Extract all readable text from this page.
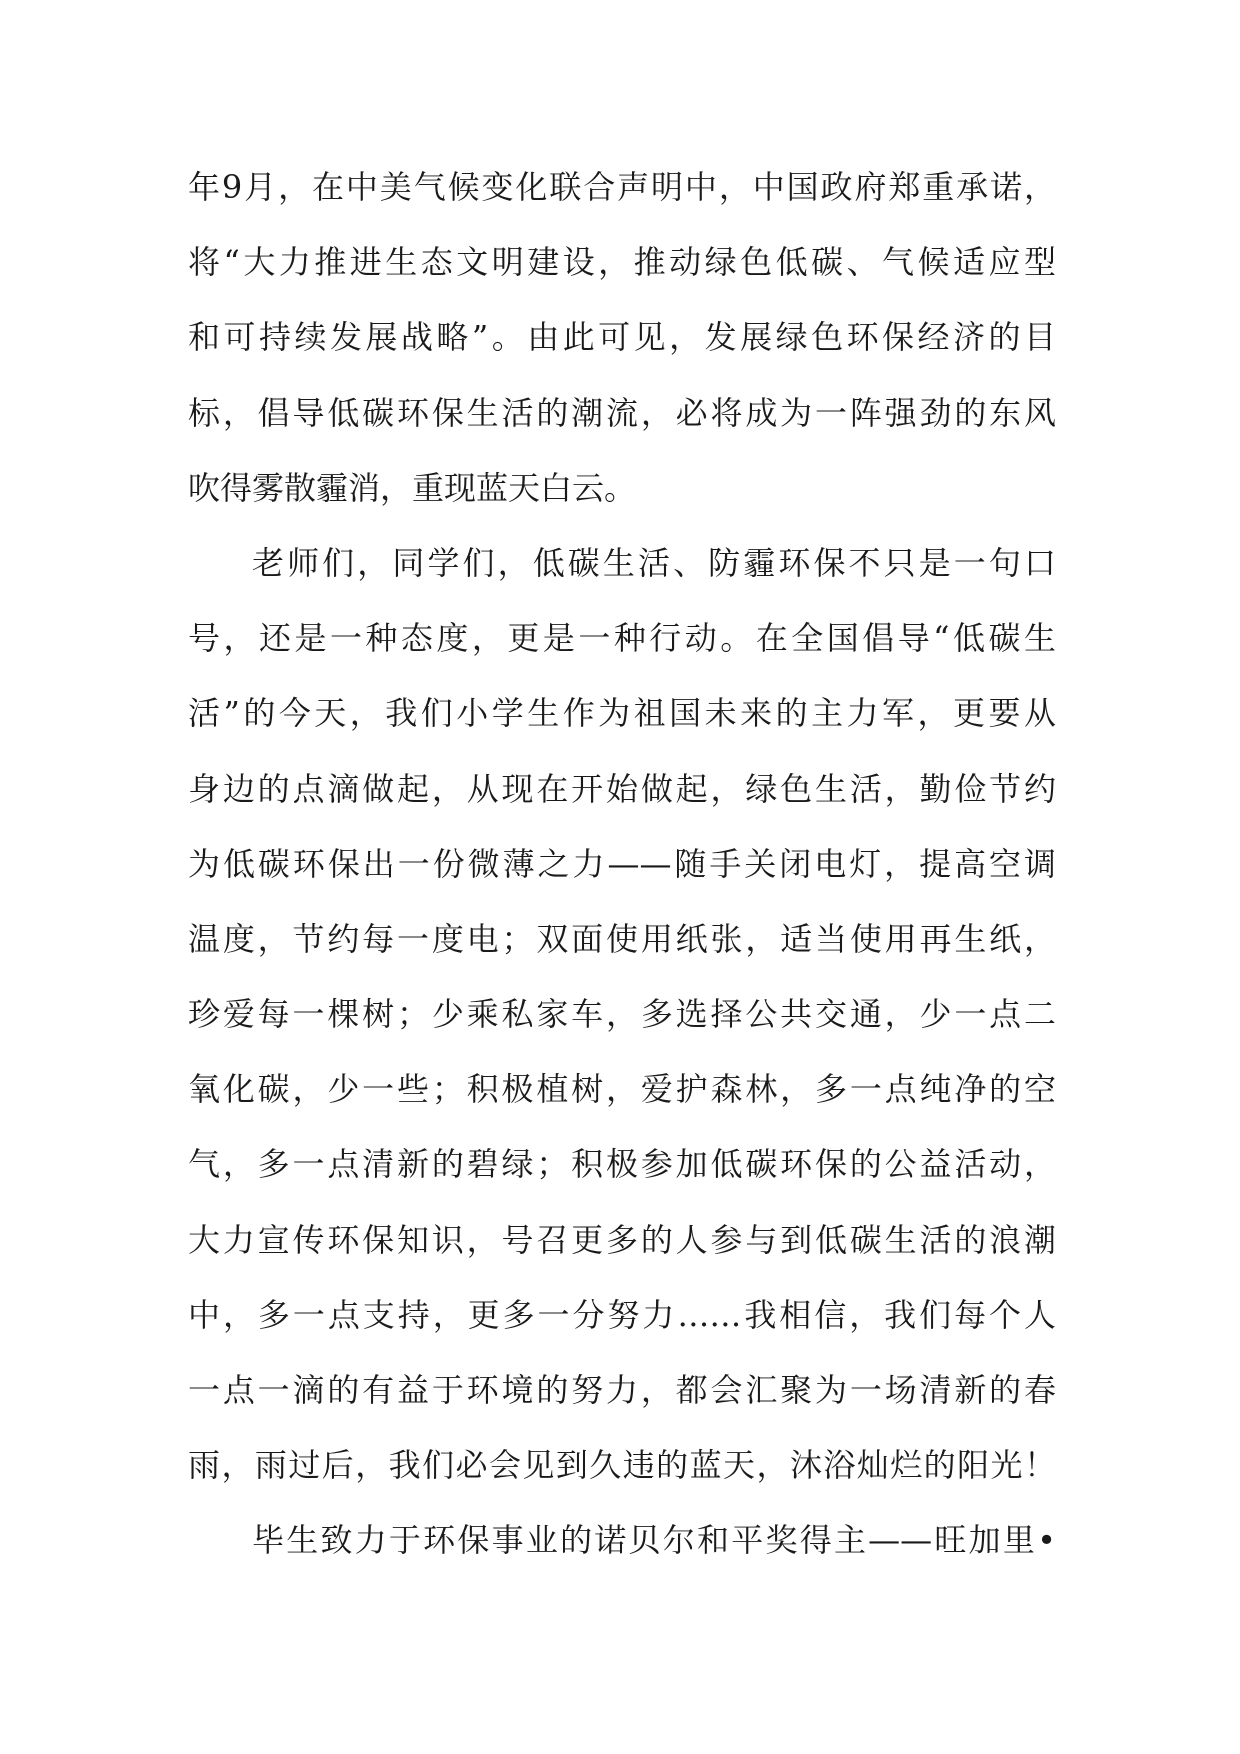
年9月，在中美气候变化联合声明中，中国政府郑重承诺，
将“大力推进生态文明建设，推动绿色低碳、气候适应型
和可持续发展战略”。由此可见，发展绿色环保经济的目
标，倡导低碳环保生活的潮流，必将成为一阵强劲的东风
吹得雾散霾消，重现蓝天白云。
老师们，同学们，低碳生活、防霾环保不只是一句口
号，还是一种态度，更是一种行动。在全国倡导“低碳生
活”的今天，我们小学生作为祖国未来的主力军，更要从
身边的点滴做起，从现在开始做起，绿色生活，勤俭节约
为低碳环保出一份微薄之力——随手关闭电灯，提高空调
温度，节约每一度电；双面使用纸张，适当使用再生纸，
珍爱每一棵树；少乘私家车，多选择公共交通，少一点二
氧化碳，少一些；积极植树，爱护森林，多一点纯净的空
气，多一点清新的碧绿；积极参加低碳环保的公益活动，
大力宣传环保知识，号召更多的人参与到低碳生活的浪潮
中，多一点支持，更多一分努力……我相信，我们每个人
一点一滴的有益于环境的努力，都会汇聚为一场清新的春
雨，雨过后，我们必会见到久违的蓝天，沐浴灿烂的阳光！
毕生致力于环保事业的诺贝尔和平奖得主——旺加里•
